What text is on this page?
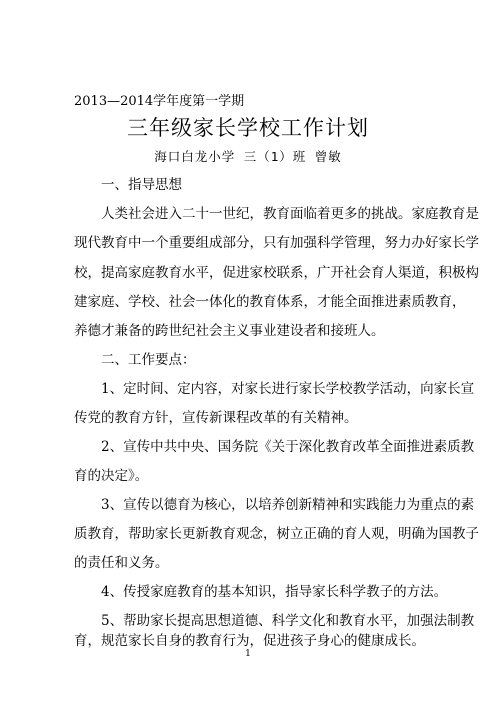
2013—2014学年度第一学期
三年级家长学校工作计划
海口白龙小学 三（1）班 曾敏
一、指导思想
人类社会进入二十一世纪，教育面临着更多的挑战。家庭教育是
现代教育中一个重要组成部分，只有加强科学管理，努力办好家长学
校，提高家庭教育水平，促进家校联系，广开社会育人渠道，积极构
建家庭、学校、社会一体化的教育体系，才能全面推进素质教育，
养德才兼备的跨世纪社会主义事业建设者和接班人。
二、工作要点：
1、定时间、定内容，对家长进行家长学校教学活动，向家长宣
传党的教育方针，宣传新课程改革的有关精神。
2、宣传中共中央、国务院《关于深化教育改革全面推进素质教
育的决定》。
3、宣传以德育为核心，以培养创新精神和实践能力为重点的素
质教育，帮助家长更新教育观念，树立正确的育人观，明确为国教子
的责任和义务。
4、传授家庭教育的基本知识，指导家长科学教子的方法。
5、帮助家长提高思想道德、科学文化和教育水平，加强法制教
育，规范家长自身的教育行为，促进孩子身心的健康成长。
1
